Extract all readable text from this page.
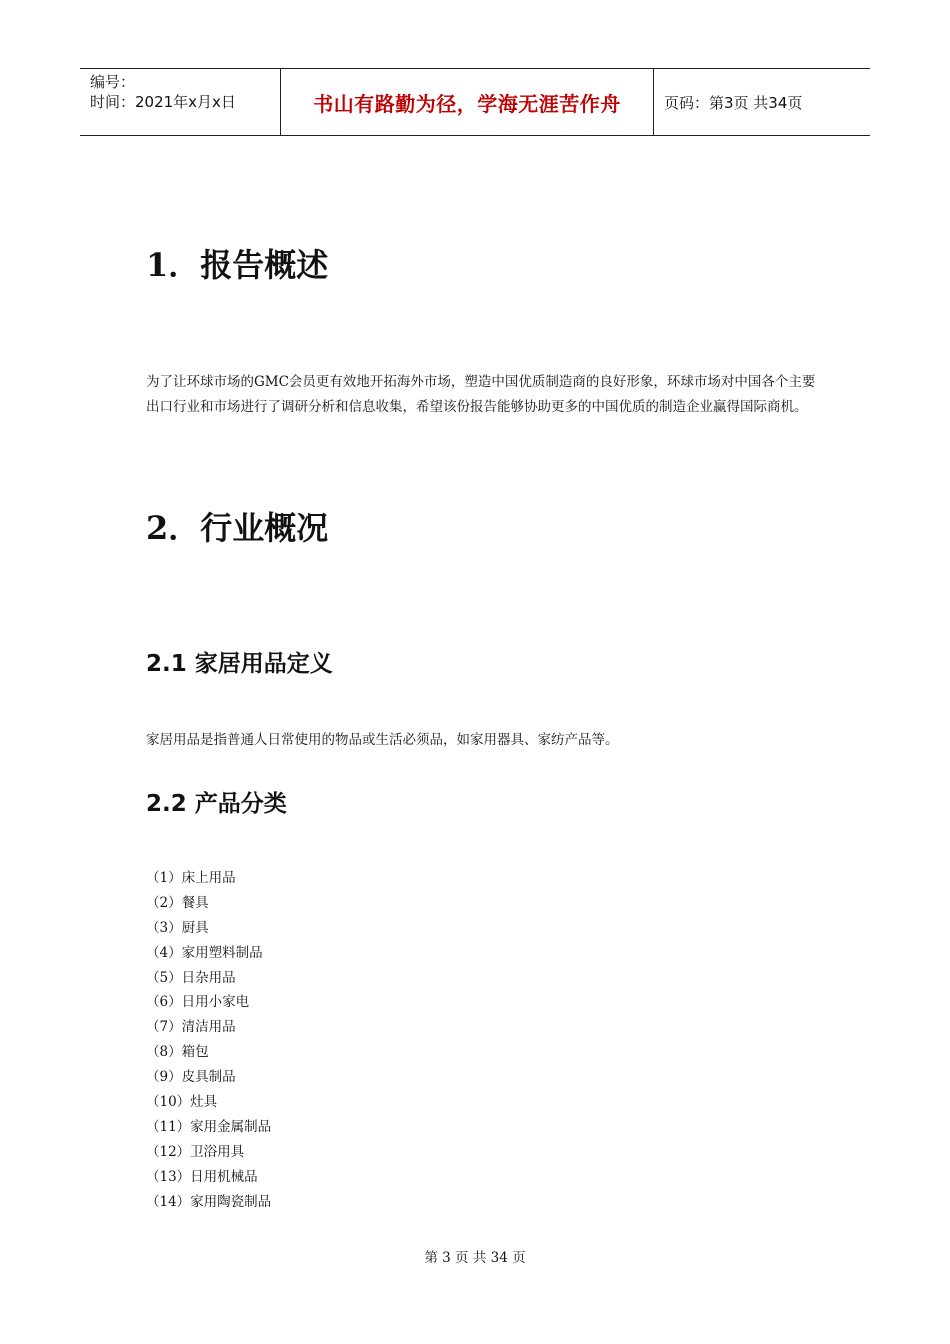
编号：
时间：2021年x月x日	书山有路勤为径，学海无涯苦作舟	页码：第3页 共34页
1．报告概述

为了让环球市场的GMC会员更有效地开拓海外市场，塑造中国优质制造商的良好形象，环球市场对中国各个主要出口行业和市场进行了调研分析和信息收集，希望该份报告能够协助更多的中国优质的制造企业赢得国际商机。

2．行业概况
2.1 家居用品定义

家居用品是指普通人日常使用的物品或生活必须品，如家用器具、家纺产品等。

2.2 产品分类
（1）床上用品
（2）餐具
（3）厨具
（4）家用塑料制品
（5）日杂用品
（6）日用小家电
（7）清洁用品
（8）箱包
（9）皮具制品
（10）灶具
（11）家用金属制品
（12）卫浴用具
（13）日用机械品
（14）家用陶瓷制品
第 3 页 共 34 页
